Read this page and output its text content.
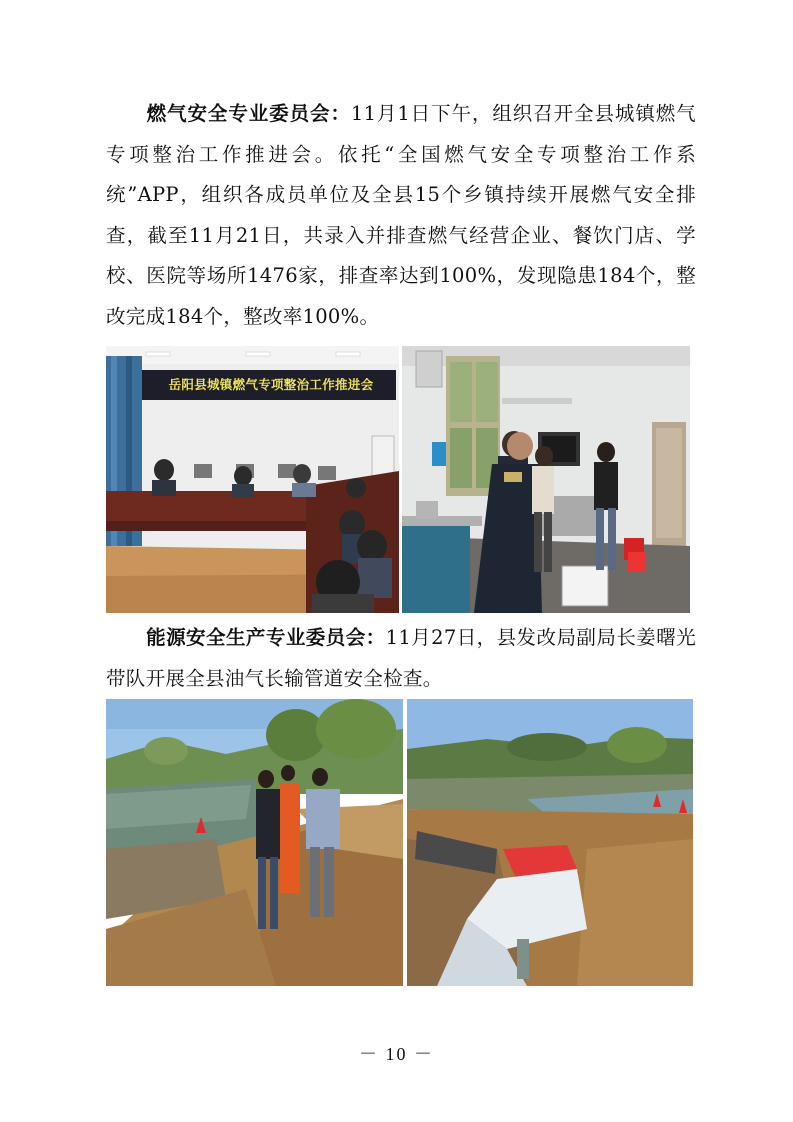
燃气安全专业委员会：11月1日下午，组织召开全县城镇燃气专项整治工作推进会。依托“全国燃气安全专项整治工作系统”APP，组织各成员单位及全县15个乡镇持续开展燃气安全排查，截至11月21日，共录入并排查燃气经营企业、餐饮门店、学校、医院等场所1476家，排查率达到100%，发现隐患184个，整改完成184个，整改率100%。
岳阳县城镇燃气专项整治工作推进会
能源安全生产专业委员会：11月27日，县发改局副局长姜曙光带队开展全县油气长输管道安全检查。
－ 10 －
